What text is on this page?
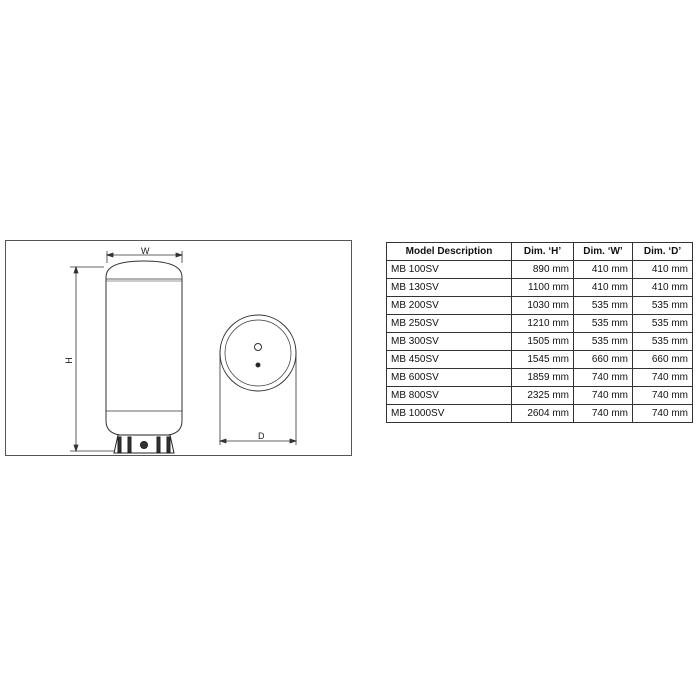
W
H
D
Model Description	Dim. ‘H’	Dim. ‘W’	Dim. ‘D’
MB 100SV	890 mm	410 mm	410 mm
MB 130SV	1100 mm	410 mm	410 mm
MB 200SV	1030 mm	535 mm	535 mm
MB 250SV	1210 mm	535 mm	535 mm
MB 300SV	1505 mm	535 mm	535 mm
MB 450SV	1545 mm	660 mm	660 mm
MB 600SV	1859 mm	740 mm	740 mm
MB 800SV	2325 mm	740 mm	740 mm
MB 1000SV	2604 mm	740 mm	740 mm
